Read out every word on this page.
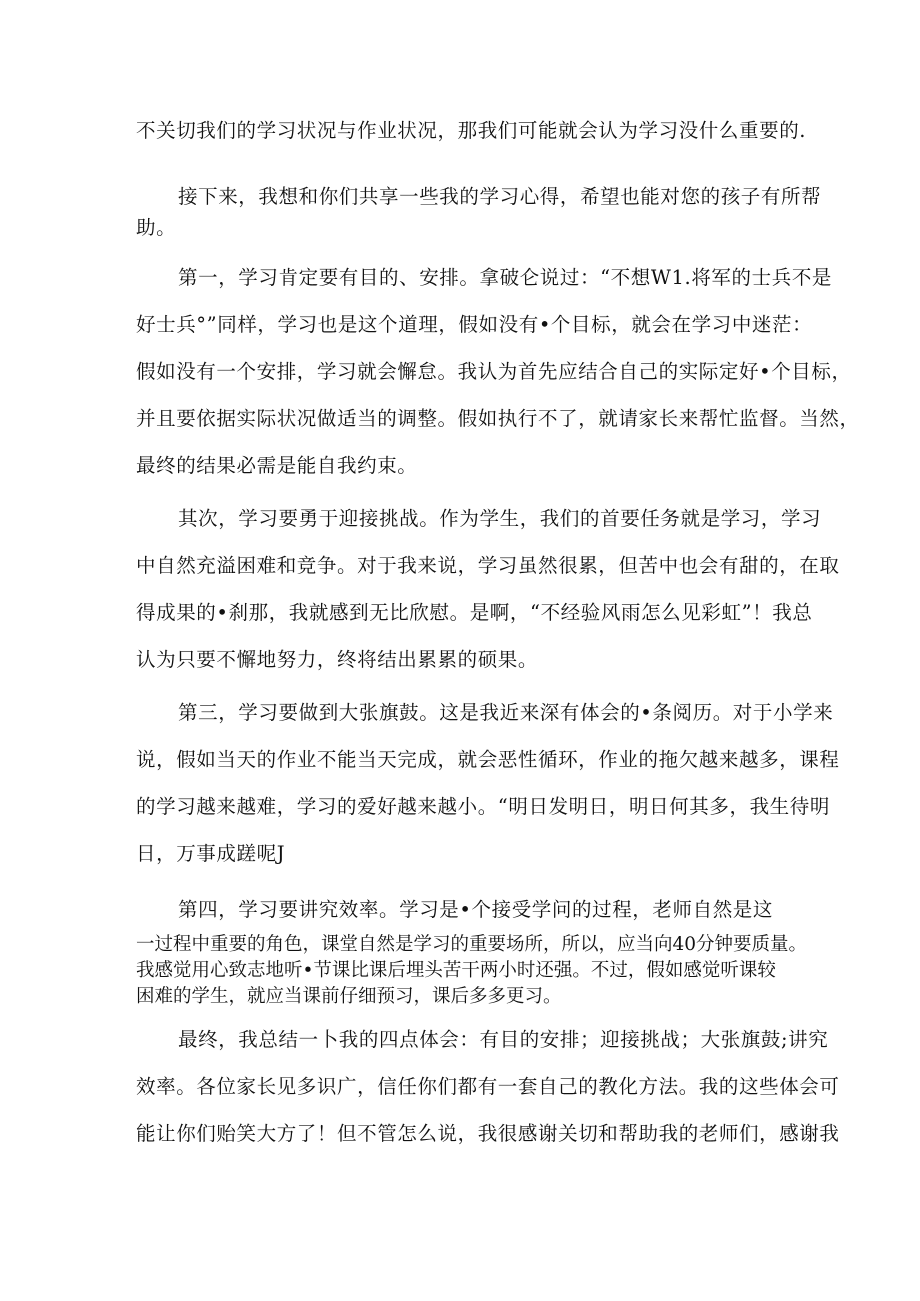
不关切我们的学习状况与作业状况，那我们可能就会认为学习没什么重要的.
接下来，我想和你们共享一些我的学习心得，希望也能对您的孩子有所帮
助。
第一，学习肯定要有目的、安排。拿破仑说过：“不想W1.将军的士兵不是
好士兵°”同样，学习也是这个道理，假如没有•个目标，就会在学习中迷茫：
假如没有一个安排，学习就会懈怠。我认为首先应结合自己的实际定好•个目标，
并且要依据实际状况做适当的调整。假如执行不了，就请家长来帮忙监督。当然，
最终的结果必需是能自我约束。
其次，学习要勇于迎接挑战。作为学生，我们的首要任务就是学习，学习
中自然充溢困难和竞争。对于我来说，学习虽然很累，但苦中也会有甜的，在取
得成果的•刹那，我就感到无比欣慰。是啊，“不经验风雨怎么见彩虹”！我总
认为只要不懈地努力，终将结出累累的硕果。
第三，学习要做到大张旗鼓。这是我近来深有体会的•条阅历。对于小学来
说，假如当天的作业不能当天完成，就会恶性循环，作业的拖欠越来越多，课程
的学习越来越难，学习的爱好越来越小。“明日发明日，明日何其多，我生待明
日，万事成蹉呢J
第四，学习要讲究效率。学习是•个接受学问的过程，老师自然是这
一过程中重要的角色，课堂自然是学习的重要场所，所以，应当向40分钟要质量。
我感觉用心致志地听•节课比课后埋头苦干两小时还强。不过，假如感觉听课较
困难的学生，就应当课前仔细预习，课后多多更习。
最终，我总结一卜我的四点体会：有目的安排；迎接挑战；大张旗鼓;讲究
效率。各位家长见多识广，信任你们都有一套自己的教化方法。我的这些体会可
能让你们贻笑大方了！但不管怎么说，我很感谢关切和帮助我的老师们，感谢我
